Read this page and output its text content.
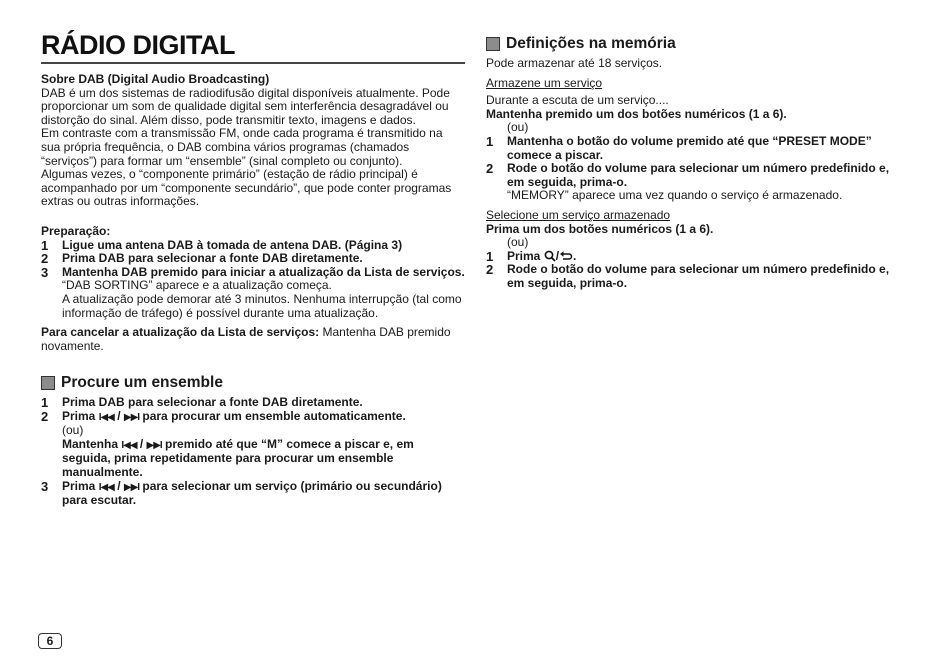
RÁDIO DIGITAL

Sobre DAB (Digital Audio Broadcasting)

DAB é um dos sistemas de radiodifusão digital disponíveis atualmente. Pode proporcionar um som de qualidade digital sem interferência desagradável ou distorção do sinal. Além disso, pode transmitir texto, imagens e dados.

Em contraste com a transmissão FM, onde cada programa é transmitido na sua própria frequência, o DAB combina vários programas (chamados “serviços”) para formar um “ensemble” (sinal completo ou conjunto).

Algumas vezes, o “componente primário” (estação de rádio principal) é acompanhado por um “componente secundário”, que pode conter programas extras ou outras informações.

Preparação:

1	Ligue uma antena DAB à tomada de antena DAB. (Página 3)
2	Prima DAB para selecionar a fonte DAB diretamente.
3	Mantenha DAB premido para iniciar a atualização da Lista de serviços.

“DAB SORTING” aparece e a atualização começa.

A atualização pode demorar até 3 minutos. Nenhuma interrupção (tal como informação de tráfego) é possível durante uma atualização.

Para cancelar a atualização da Lista de serviços: Mantenha DAB premido novamente.

Procure um ensemble
1	Prima DAB para selecionar a fonte DAB diretamente.
2	Prima I◀◀ / ▶▶I para procurar um ensemble automaticamente.

(ou)

Mantenha I◀◀ / ▶▶I premido até que “M” comece a piscar e, em seguida, prima repetidamente para procurar um ensemble manualmente.

3	Prima I◀◀ / ▶▶I para selecionar um serviço (primário ou secundário) para escutar.
6
Definições na memória

Pode armazenar até 18 serviços.

Armazene um serviço

Durante a escuta de um serviço....

Mantenha premido um dos botões numéricos (1 a 6).

(ou)

1	Mantenha o botão do volume premido até que “PRESET MODE” comece a piscar.
2	Rode o botão do volume para selecionar um número predefinido e, em seguida, prima-o.

“MEMORY” aparece uma vez quando o serviço é armazenado.

Selecione um serviço armazenado

Prima um dos botões numéricos (1 a 6).

(ou)

1	Prima / .
2	Rode o botão do volume para selecionar um número predefinido e, em seguida, prima-o.
